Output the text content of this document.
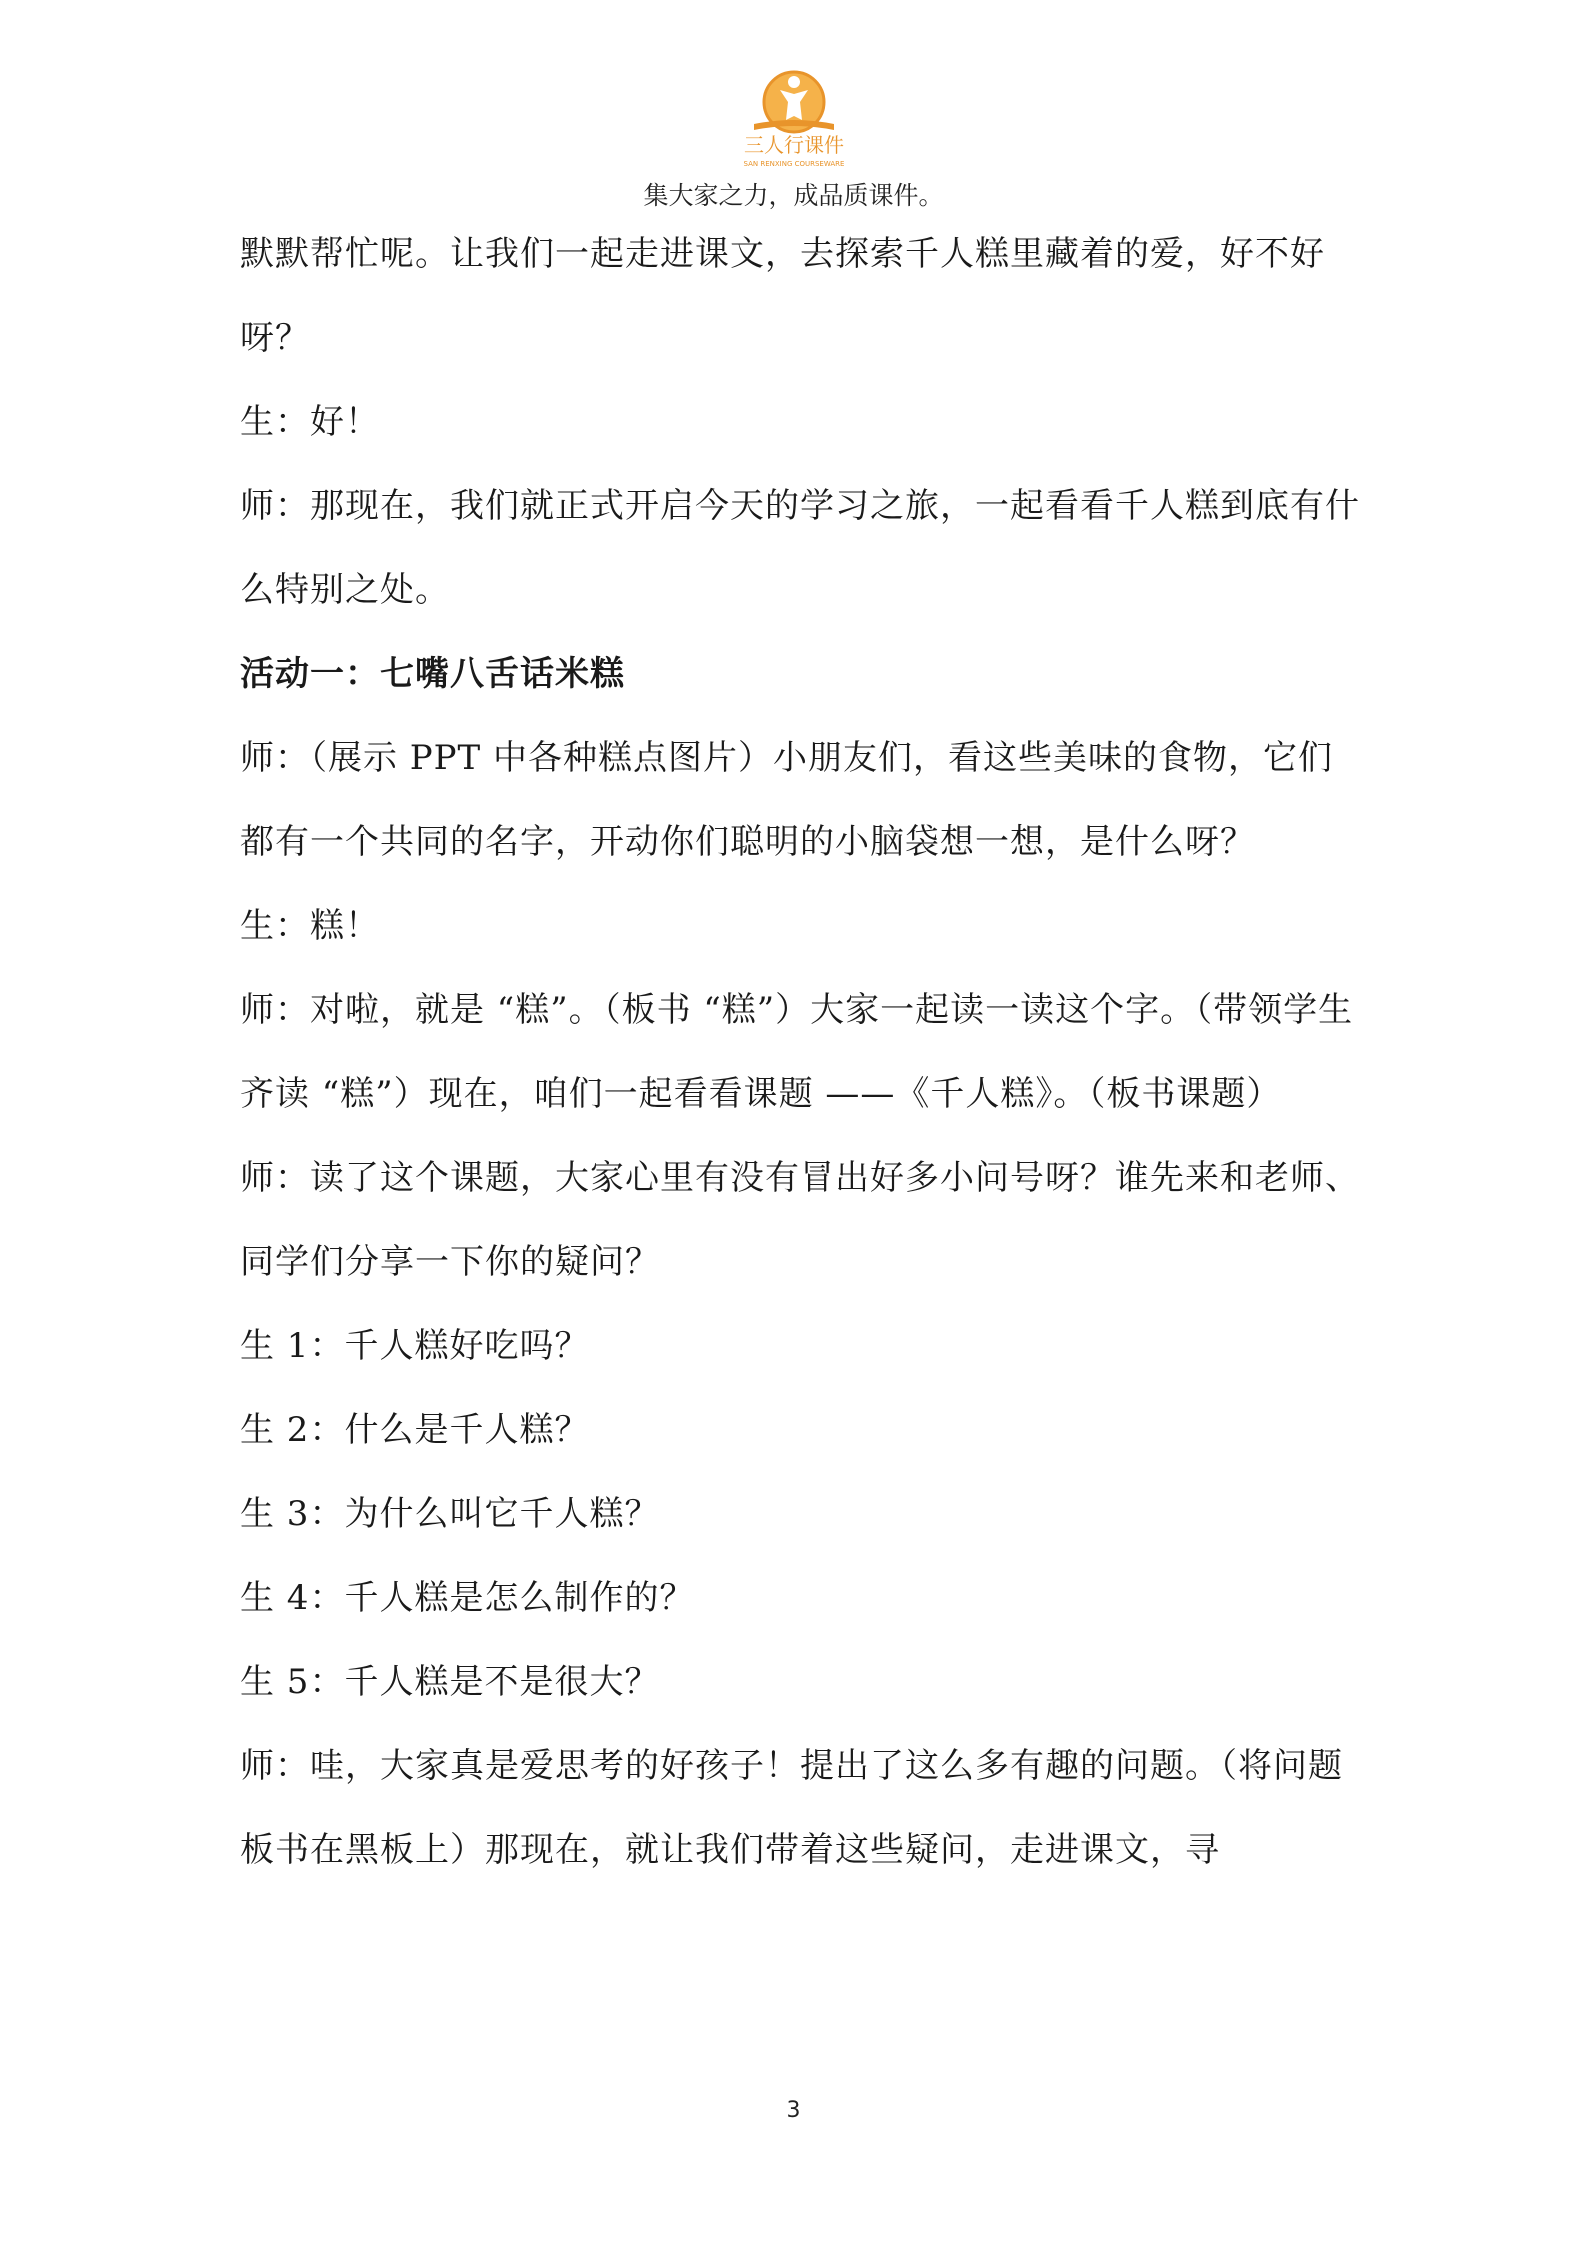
三人行课件
SAN RENXING COURSEWARE
集大家之力，成品质课件。

默默帮忙呢。让我们一起走进课文，去探索千人糕里藏着的爱，好不好呀？

生：好！

师：那现在，我们就正式开启今天的学习之旅，一起看看千人糕到底有什么特别之处。

活动一：七嘴八舌话米糕

师：（展示 PPT 中各种糕点图片）小朋友们，看这些美味的食物，它们都有一个共同的名字，开动你们聪明的小脑袋想一想，是什么呀？

生：糕！

师：对啦，就是 “糕”。（板书 “糕”）大家一起读一读这个字。（带领学生齐读 “糕”）现在，咱们一起看看课题 ——《千人糕》。（板书课题）

师：读了这个课题，大家心里有没有冒出好多小问号呀？谁先来和老师、同学们分享一下你的疑问？

生 1：千人糕好吃吗？

生 2：什么是千人糕？

生 3：为什么叫它千人糕？

生 4：千人糕是怎么制作的？

生 5：千人糕是不是很大？

师：哇，大家真是爱思考的好孩子！提出了这么多有趣的问题。（将问题板书在黑板上）那现在，就让我们带着这些疑问，走进课文，寻

3
